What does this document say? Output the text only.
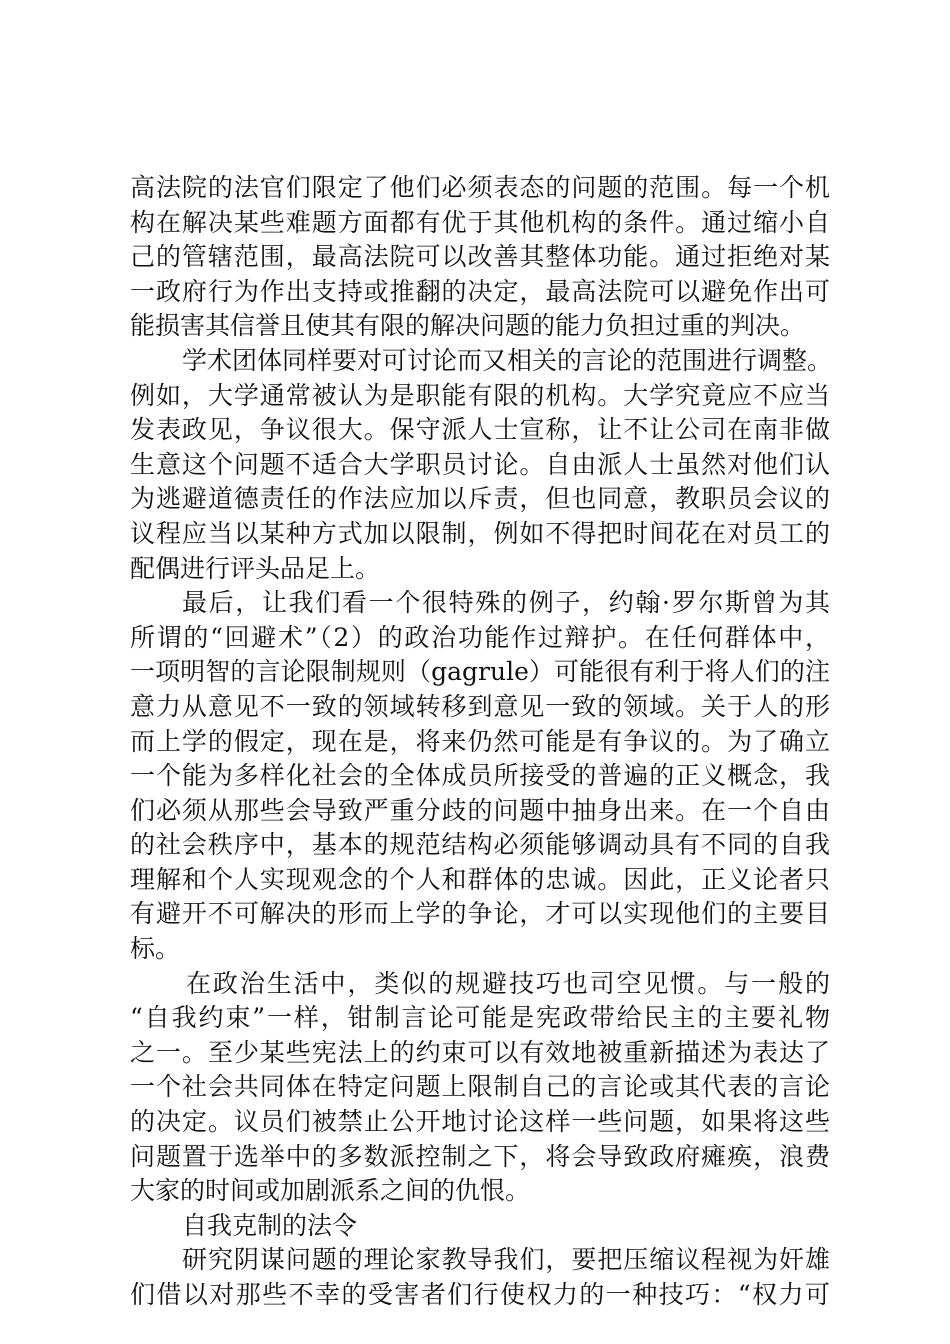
高法院的法官们限定了他们必须表态的问题的范围。每一个机
构在解决某些难题方面都有优于其他机构的条件。通过缩小自
己的管辖范围，最高法院可以改善其整体功能。通过拒绝对某
一政府行为作出支持或推翻的决定，最高法院可以避免作出可
能损害其信誉且使其有限的解决问题的能力负担过重的判决。
学术团体同样要对可讨论而又相关的言论的范围进行调整。
例如，大学通常被认为是职能有限的机构。大学究竟应不应当
发表政见，争议很大。保守派人士宣称，让不让公司在南非做
生意这个问题不适合大学职员讨论。自由派人士虽然对他们认
为逃避道德责任的作法应加以斥责，但也同意，教职员会议的
议程应当以某种方式加以限制，例如不得把时间花在对员工的
配偶进行评头品足上。
最后，让我们看一个很特殊的例子，约翰·罗尔斯曾为其
所谓的“回避术”（2）的政治功能作过辩护。在任何群体中，
一项明智的言论限制规则（gagrule）可能很有利于将人们的注
意力从意见不一致的领域转移到意见一致的领域。关于人的形
而上学的假定，现在是，将来仍然可能是有争议的。为了确立
一个能为多样化社会的全体成员所接受的普遍的正义概念，我
们必须从那些会导致严重分歧的问题中抽身出来。在一个自由
的社会秩序中，基本的规范结构必须能够调动具有不同的自我
理解和个人实现观念的个人和群体的忠诚。因此，正义论者只
有避开不可解决的形而上学的争论，才可以实现他们的主要目
标。
在政治生活中，类似的规避技巧也司空见惯。与一般的
“自我约束”一样，钳制言论可能是宪政带给民主的主要礼物
之一。至少某些宪法上的约束可以有效地被重新描述为表达了
一个社会共同体在特定问题上限制自己的言论或其代表的言论
的决定。议员们被禁止公开地讨论这样一些问题，如果将这些
问题置于选举中的多数派控制之下，将会导致政府瘫痪，浪费
大家的时间或加剧派系之间的仇恨。
自我克制的法令
研究阴谋问题的理论家教导我们，要把压缩议程视为奸雄
们借以对那些不幸的受害者们行使权力的一种技巧：“权力可
